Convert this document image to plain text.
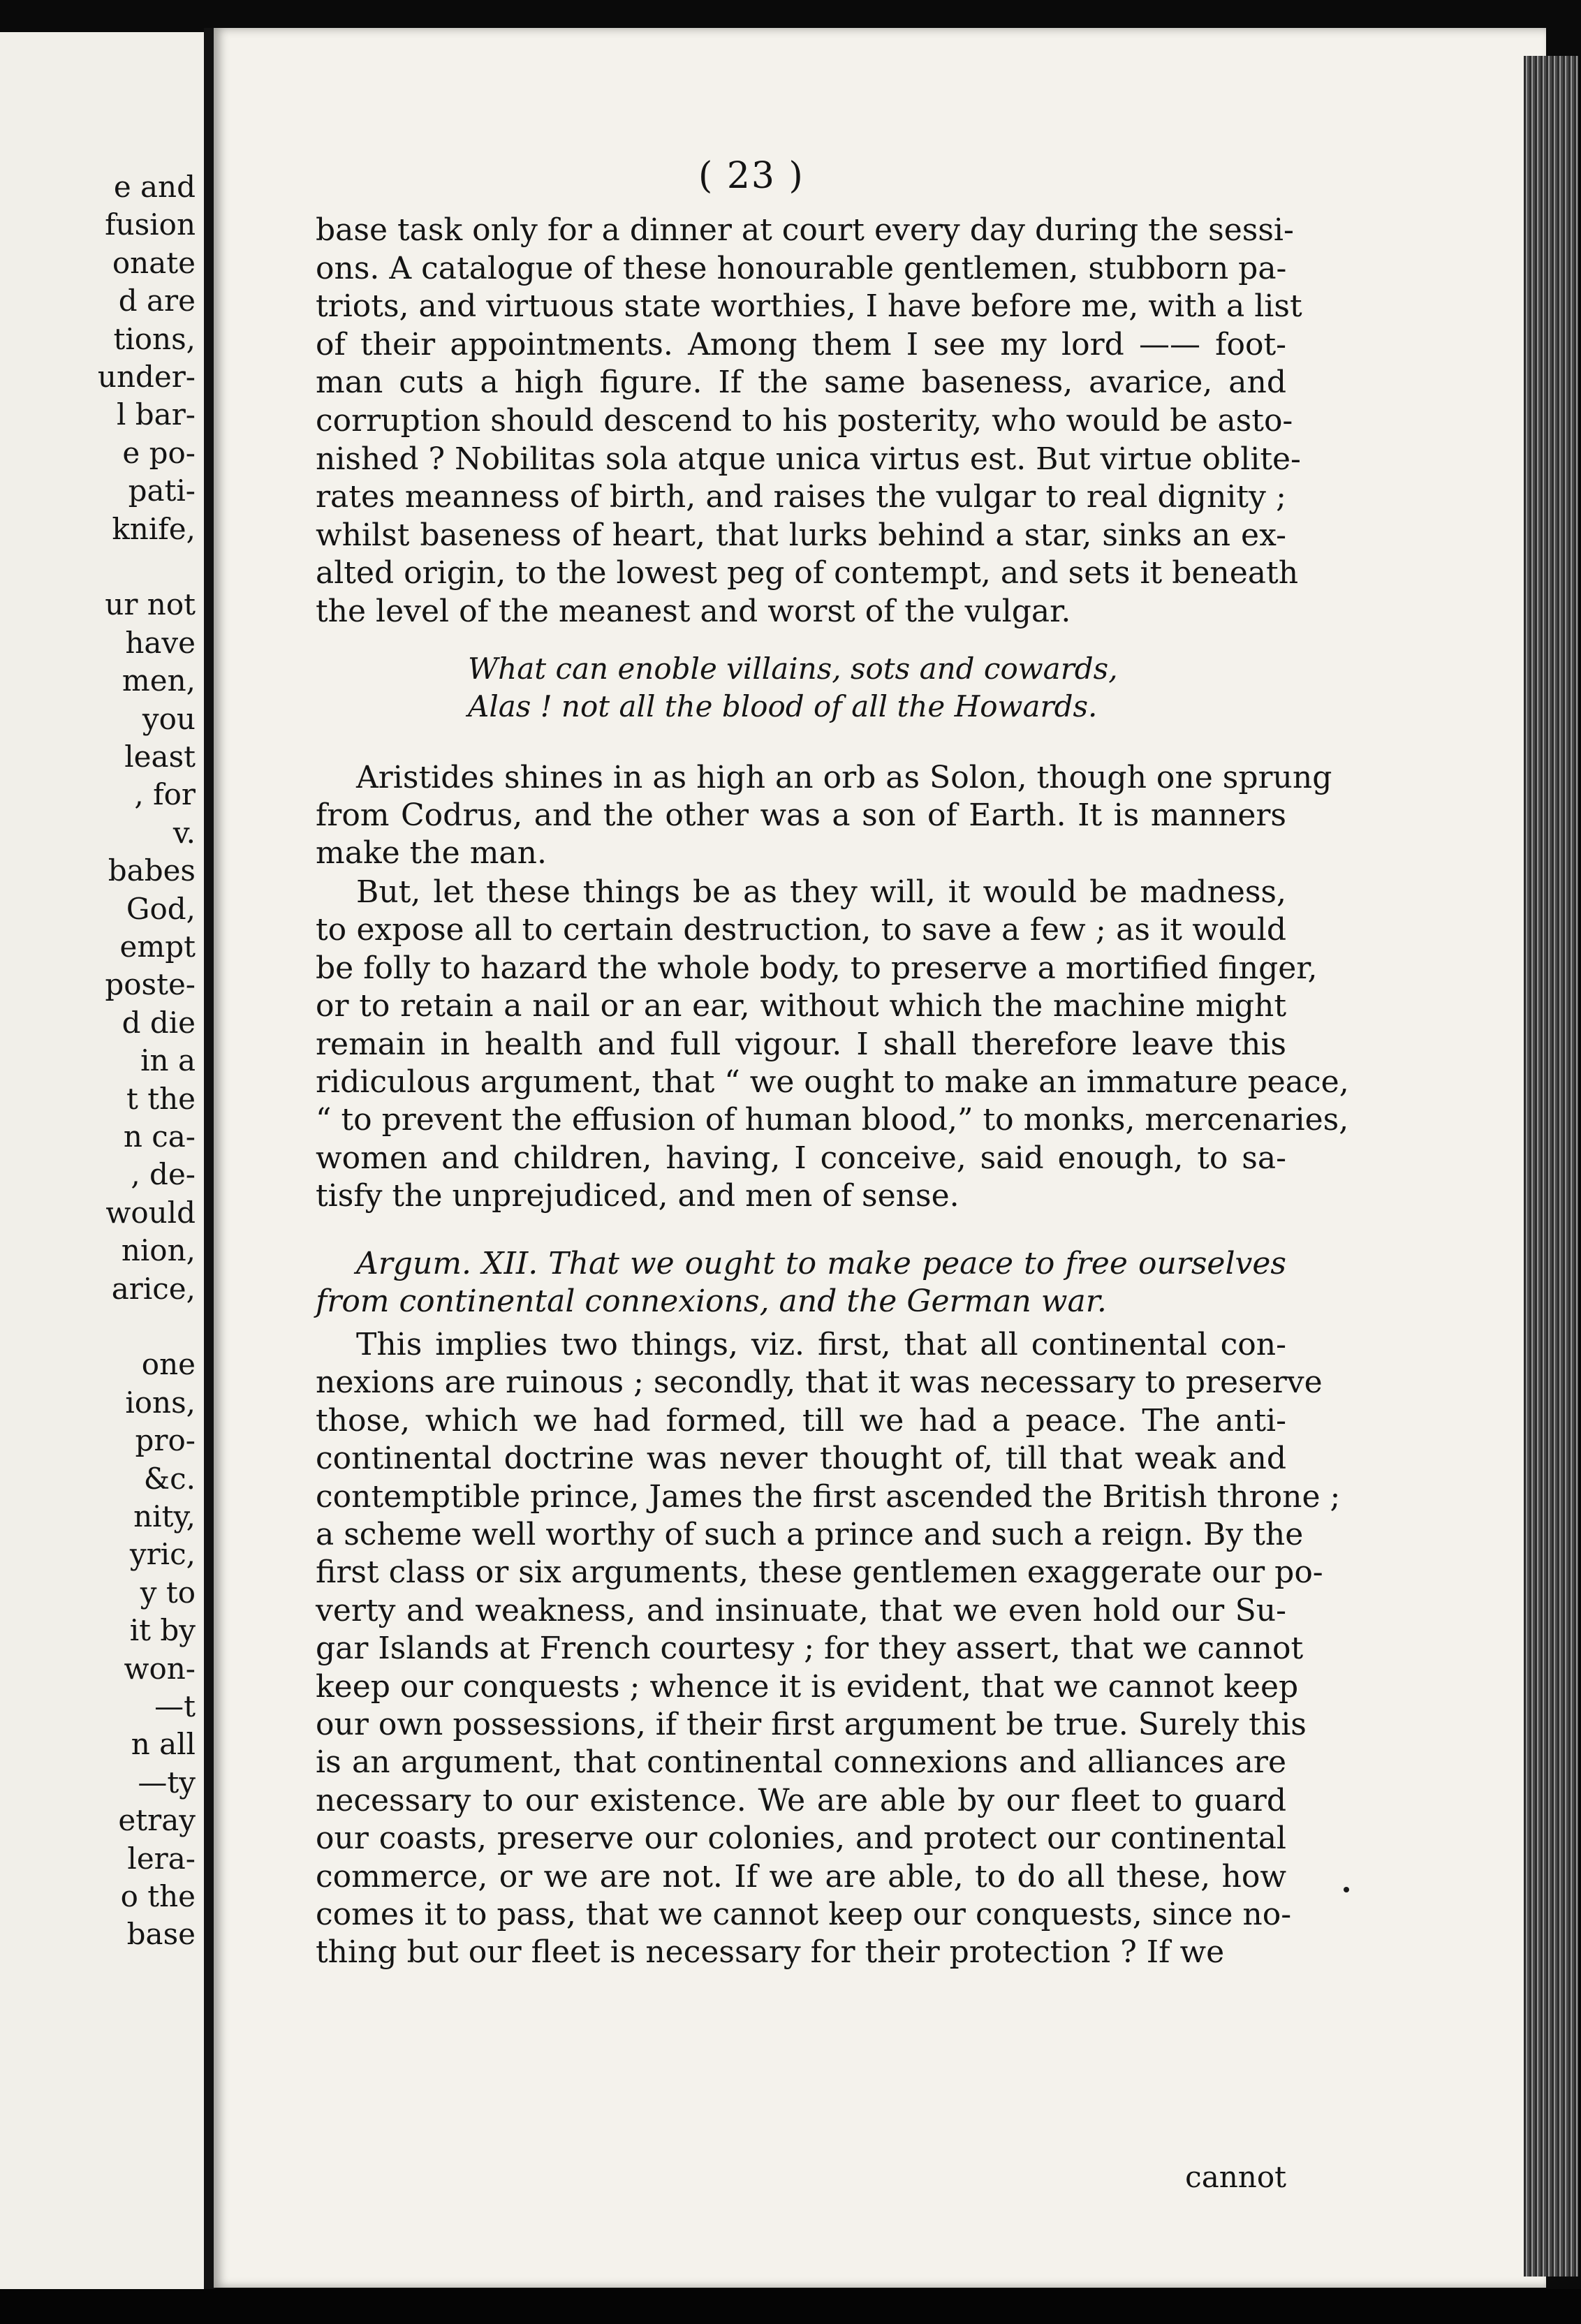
e and
fusion
onate
d are
tions,
under-
l bar-
e po-
pati-
knife,
ur not
have
men,
you
least
, for
v.
babes
God,
empt
poste-
d die
in a
t the
n ca-
, de-
would
nion,
arice,
one
ions,
pro-
&c.
nity,
yric,
y to
it by
won-
—t
n all
—ty
etray
lera-
o the
base
( 23 )
cannot
base task only for a dinner at court every day during the sessi-
ons. A catalogue of these honourable gentlemen, stubborn pa-
triots, and virtuous state worthies, I have before me, with a list
of their appointments. Among them I see my lord —— foot-
man cuts a high figure. If the same baseness, avarice, and
corruption should descend to his posterity, who would be asto-
nished ? Nobilitas sola atque unica virtus est. But virtue oblite-
rates meanness of birth, and raises the vulgar to real dignity ;
whilst baseness of heart, that lurks behind a star, sinks an ex-
alted origin, to the lowest peg of contempt, and sets it beneath
the level of the meanest and worst of the vulgar.
What can enoble villains, sots and cowards,
Alas ! not all the blood of all the Howards.
Aristides shines in as high an orb as Solon, though one sprung
from Codrus, and the other was a son of Earth. It is manners
make the man.
But, let these things be as they will, it would be madness,
to expose all to certain destruction, to save a few ; as it would
be folly to hazard the whole body, to preserve a mortified finger,
or to retain a nail or an ear, without which the machine might
remain in health and full vigour. I shall therefore leave this
ridiculous argument, that “ we ought to make an immature peace,
“ to prevent the effusion of human blood,” to monks, mercenaries,
women and children, having, I conceive, said enough, to sa-
tisfy the unprejudiced, and men of sense.
Argum. XII. That we ought to make peace to free ourselves
from continental connexions, and the German war.
This implies two things, viz. first, that all continental con-
nexions are ruinous ; secondly, that it was necessary to preserve
those, which we had formed, till we had a peace. The anti-
continental doctrine was never thought of, till that weak and
contemptible prince, James the first ascended the British throne ;
a scheme well worthy of such a prince and such a reign. By the
first class or six arguments, these gentlemen exaggerate our po-
verty and weakness, and insinuate, that we even hold our Su-
gar Islands at French courtesy ; for they assert, that we cannot
keep our conquests ; whence it is evident, that we cannot keep
our own possessions, if their first argument be true. Surely this
is an argument, that continental connexions and alliances are
necessary to our existence. We are able by our fleet to guard
our coasts, preserve our colonies, and protect our continental
commerce, or we are not. If we are able, to do all these, how
comes it to pass, that we cannot keep our conquests, since no-
thing but our fleet is necessary for their protection ? If we
